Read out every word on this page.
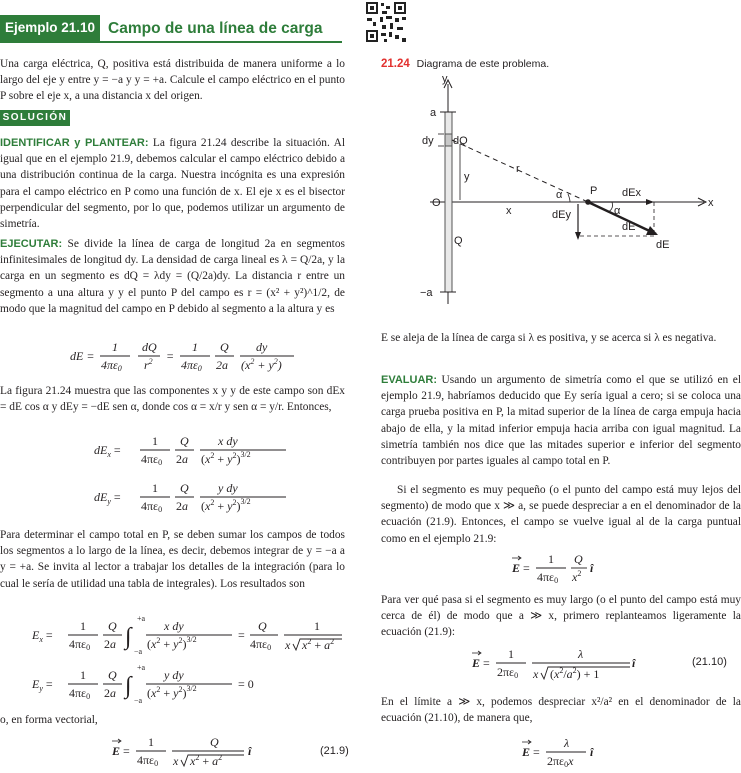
Ejemplo 21.10 Campo de una línea de carga
Una carga eléctrica, Q, positiva está distribuida de manera uniforme a lo largo del eje y entre y = −a y y = +a. Calcule el campo eléctrico en el punto P sobre el eje x, a una distancia x del origen.
SOLUCIÓN
IDENTIFICAR y PLANTEAR: La figura 21.24 describe la situación. Al igual que en el ejemplo 21.9, debemos calcular el campo eléctrico debido a una distribución continua de la carga. Nuestra incógnita es una expresión para el campo eléctrico en P como una función de x. El eje x es el bisector perpendicular del segmento, por lo que, podemos utilizar un argumento de simetría.
EJECUTAR: Se divide la línea de carga de longitud 2a en segmentos infinitesimales de longitud dy. La densidad de carga lineal es λ = Q/2a, y la carga en un segmento es dQ = λdy = (Q/2a)dy. La distancia r entre un segmento a una altura y y el punto P del campo es r = (x² + y²)^1/2, de modo que la magnitud del campo en P debido al segmento a la altura y es
dE =
1
4πε0
dQ
$r^2$ =
1
4πε0
Q
2a
dy
$(x^2 + y^2)$
La figura 21.24 muestra que las componentes x y y de este campo son dEx = dE cos α y dEy = −dE sen α, donde cos α = x/r y sen α = y/r. Entonces,
$dE_x$ =
1
4πε0
Q
2a
x dy
$(x^2 + y^2)^{3/2}$
$dE_y$ =
1
4πε0
Q
2a
y dy
$(x^2 + y^2)^{3/2}$
Para determinar el campo total en P, se deben sumar los campos de todos los segmentos a lo largo de la línea, es decir, debemos integrar de y = −a a y = +a. Se invita al lector a trabajar los detalles de la integración (para lo cual le sería de utilidad una tabla de integrales). Los resultados son
$E_x$ =
1
4πε0
Q
2a ∫
+a
−a
x dy
$(x^2 + y^2)^{3/2}$	=
Q
4πε0
1
x $x^2 + a^2$
$E_y$ =
1
4πε0
Q
2a ∫
+a
−a
y dy
$(x^2 + y^2)^{3/2}$	= 0
o, en forma vectorial,
E =
1
4πε0
Q
x $x^2 + a^2$ î	(21.9)
21.24 Diagrama de este problema.
y
x
a
−a
O
dy dQ
r
y
α
α
P dEx
dEy
dE
dE
x
Q
E se aleja de la línea de carga si λ es positiva, y se acerca si λ es negativa.
EVALUAR: Usando un argumento de simetría como el que se utilizó en el ejemplo 21.9, habríamos deducido que Ey sería igual a cero; si se coloca una carga prueba positiva en P, la mitad superior de la línea de carga empuja hacia abajo de ella, y la mitad inferior empuja hacia arriba con igual magnitud. La simetría también nos dice que las mitades superior e inferior del segmento contribuyen por partes iguales al campo total en P.
Si el segmento es muy pequeño (o el punto del campo está muy lejos del segmento) de modo que x ≫ a, se puede despreciar a en el denominador de la ecuación (21.9). Entonces, el campo se vuelve igual al de la carga puntual como en el ejemplo 21.9:
E =
1
4πε0
Q
$x^2$ î
Para ver qué pasa si el segmento es muy largo (o el punto del campo está muy cerca de él) de modo que a ≫ x, primero replanteamos ligeramente la ecuación (21.9):
E =
1
2πε0
λ
x $(x^2/a^2) + 1$
î	(21.10)
En el límite a ≫ x, podemos despreciar x²/a² en el denominador de la ecuación (21.10), de manera que,
E =
λ
2πε0x
î
